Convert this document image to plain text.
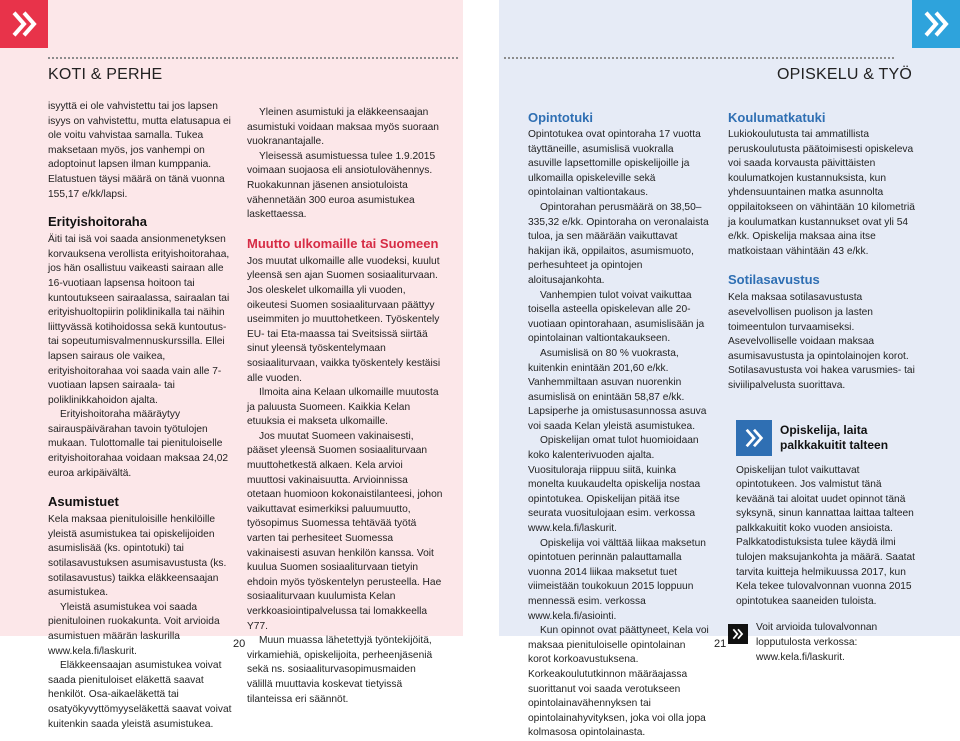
KOTI & PERHE

isyyttä ei ole vahvistettu tai jos lapsen isyys on vahvistettu, mutta elatusapua ei ole voitu vahvistaa samalla. Tukea maksetaan myös, jos vanhempi on adoptoinut lapsen ilman kumppania. Elatustuen täysi määrä on tänä vuonna 155,17 e/kk/lapsi.

Erityishoitoraha

Äiti tai isä voi saada ansionmenetyksen korvauksena verollista erityishoitorahaa, jos hän osallistuu vaikeasti sairaan alle 16-vuotiaan lapsensa hoitoon tai kuntoutukseen sairaalassa, sairaalan tai erityishuoltopiirin poliklinikalla tai näihin liittyvässä kotihoidossa sekä kuntoutus- tai sopeutumisvalmennuskurssilla. Ellei lapsen sairaus ole vaikea, erityishoitorahaa voi saada vain alle 7-vuotiaan lapsen sairaala- tai poliklinikkahoidon ajalta.

Erityishoitoraha määräytyy sairauspäivärahan tavoin työtulojen mukaan. Tulottomalle tai pienituloiselle erityishoitorahaa voidaan maksaa 24,02 euroa arkipäivältä.

Asumistuet

Kela maksaa pienituloisille henkilöille yleistä asumistukea tai opiskelijoiden asumislisää (ks. opintotuki) tai sotilasavustuksen asumisavustusta (ks. sotilasavustus) taikka eläkkeensaajan asumistukea.

Yleistä asumistukea voi saada pienituloinen ruokakunta. Voit arvioida asumistuen määrän laskurilla www.kela.fi/laskurit.

Eläkkeensaajan asumistukea voivat saada pienituloiset eläkettä saavat henkilöt. Osa-aikaeläkettä tai osatyökyvyttömyyseläkettä saavat voivat kuitenkin saada yleistä asumistukea.

Yleinen asumistuki ja eläkkeensaajan asumistuki voidaan maksaa myös suoraan vuokranantajalle.

Yleisessä asumistuessa tulee 1.9.2015 voimaan suojaosa eli ansiotulovähennys. Ruokakunnan jäsenen ansiotuloista vähennetään 300 euroa asumistukea laskettaessa.

Muutto ulkomaille tai Suomeen

Jos muutat ulkomaille alle vuodeksi, kuulut yleensä sen ajan Suomen sosiaaliturvaan. Jos oleskelet ulkomailla yli vuoden, oikeutesi Suomen sosiaaliturvaan päättyy useimmiten jo muuttohetkeen. Työskentely EU- tai Eta-maassa tai Sveitsissä siirtää sinut yleensä työskentelymaan sosiaaliturvaan, vaikka työskentely kestäisi alle vuoden.

Ilmoita aina Kelaan ulkomaille muutosta ja paluusta Suomeen. Kaikkia Kelan etuuksia ei makseta ulkomaille.

Jos muutat Suomeen vakinaisesti, pääset yleensä Suomen sosiaaliturvaan muuttohetkestä alkaen. Kela arvioi muuttosi vakinaisuutta. Arvioinnissa otetaan huomioon kokonaistilanteesi, johon vaikuttavat esimerkiksi paluumuutto, työsopimus Suomessa tehtävää työtä varten tai perhesiteet Suomessa vakinaisesti asuvan henkilön kanssa. Voit kuulua Suomen sosiaaliturvaan tietyin ehdoin myös työskentelyn perusteella. Hae sosiaaliturvaan kuulumista Kelan verkkoasiointipalvelussa tai lomakkeella Y77.

Muun muassa lähetettyjä työntekijöitä, virkamiehiä, opiskelijoita, perheenjäseniä sekä ns. sosiaaliturvasopimusmaiden välillä muuttavia koskevat tietyissä tilanteissa eri säännöt.

20
OPISKELU & TYÖ
Opintotuki

Opintotukea ovat opintoraha 17 vuotta täyttäneille, asumislisä vuokralla asuville lapsettomille opiskelijoille ja ulkomailla opiskeleville sekä opintolainan valtiontakaus.

Opintorahan perusmäärä on 38,50–335,32 e/kk. Opintoraha on veronalaista tuloa, ja sen määrään vaikuttavat hakijan ikä, oppilaitos, asumismuoto, perhesuhteet ja opintojen aloitusajankohta.

Vanhempien tulot voivat vaikuttaa toisella asteella opiskelevan alle 20-vuotiaan opintorahaan, asumislisään ja opintolainan valtiontakaukseen.

Asumislisä on 80 % vuokrasta, kuitenkin enintään 201,60 e/kk. Vanhemmiltaan asuvan nuorenkin asumislisä on enintään 58,87 e/kk. Lapsiperhe ja omistusasunnossa asuva voi saada Kelan yleistä asumistukea.

Opiskelijan omat tulot huomioidaan koko kalenterivuoden ajalta. Vuosituloraja riippuu siitä, kuinka monelta kuukaudelta opiskelija nostaa opintotukea. Opiskelijan pitää itse seurata vuositulojaan esim. verkossa www.kela.fi/laskurit.

Opiskelija voi välttää liikaa maksetun opintotuen perinnän palauttamalla vuonna 2014 liikaa maksetut tuet viimeistään toukokuun 2015 loppuun mennessä esim. verkossa www.kela.fi/asiointi.

Kun opinnot ovat päättyneet, Kela voi maksaa pienituloiselle opintolainan korot korkoavustuksena. Korkeakoulututkinnon määräajassa suorittanut voi saada verotukseen opintolainavähennyksen tai opintolainahyvityksen, joka voi olla jopa kolmasosa opintolainasta.

Koulumatkatuki

Lukiokoulutusta tai ammatillista peruskoulutusta päätoimisesti opiskeleva voi saada korvausta päivittäisten koulumatkojen kustannuksista, kun yhdensuuntainen matka asunnolta oppilaitokseen on vähintään 10 kilometriä ja koulumatkan kustannukset ovat yli 54 e/kk. Opiskelija maksaa aina itse matkoistaan vähintään 43 e/kk.

Sotilasavustus

Kela maksaa sotilasavustusta asevelvollisen puolison ja lasten toimeentulon turvaamiseksi. Asevelvolliselle voidaan maksaa asumisavustusta ja opintolainojen korot. Sotilasavustusta voi hakea varusmies- tai siviilipalvelusta suorittava.

Opiskelija, laita palkkakuitit talteen

Opiskelijan tulot vaikuttavat opintotukeen. Jos valmistut tänä keväänä tai aloitat uudet opinnot tänä syksynä, sinun kannattaa laittaa talteen palkkakuitit koko vuoden ansioista. Palkkatodistuksista tulee käydä ilmi tulojen maksujankohta ja määrä. Saatat tarvita kuitteja helmikuussa 2017, kun Kela tekee tulovalvonnan vuonna 2015 opintotukea saaneiden tuloista.

Voit arvioida tulovalvonnan lopputulosta verkossa: www.kela.fi/laskurit.
21
